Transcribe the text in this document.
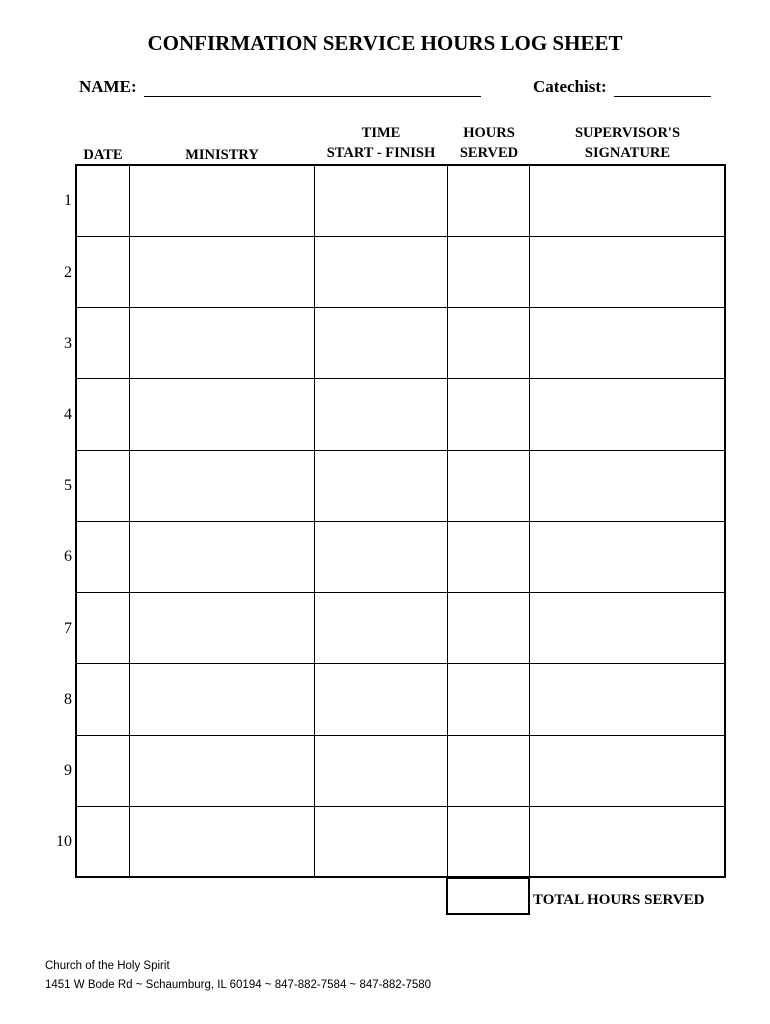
CONFIRMATION SERVICE HOURS LOG SHEET
NAME:	Catechist:
DATE	MINISTRY
TIME
START - FINISH
HOURS
SERVED
SUPERVISOR'S
SIGNATURE
1
2
3
4
5
6
7
8
9
10
TOTAL HOURS SERVED
Church of the Holy Spirit
1451 W Bode Rd ~ Schaumburg, IL 60194 ~ 847-882-7584 ~ 847-882-7580
